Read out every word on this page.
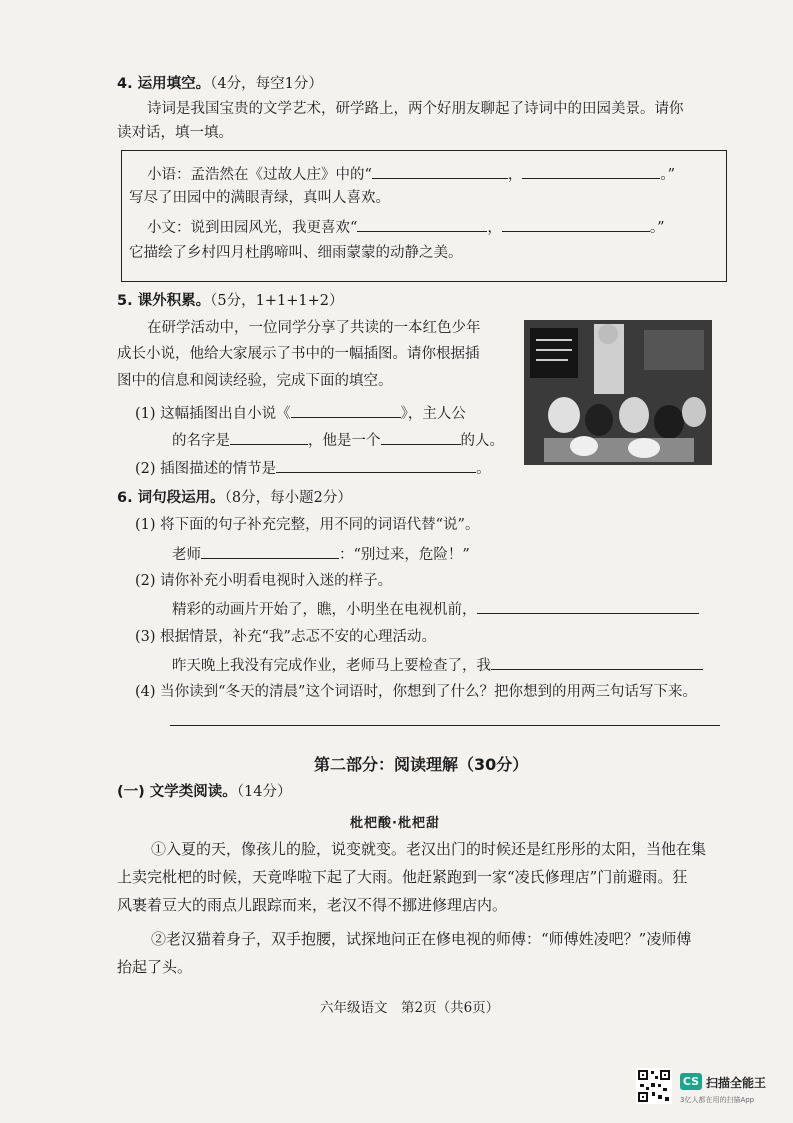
4. 运用填空。（4分，每空1分）
诗词是我国宝贵的文学艺术，研学路上，两个好朋友聊起了诗词中的田园美景。请你
读对话，填一填。
小语：孟浩然在《过故人庄》中的“	，	。”
写尽了田园中的满眼青绿，真叫人喜欢。
小文：说到田园风光，我更喜欢“	，	。”
它描绘了乡村四月杜鹃啼叫、细雨蒙蒙的动静之美。
5. 课外积累。（5分，1+1+1+2）
在研学活动中，一位同学分享了共读的一本红色少年
成长小说，他给大家展示了书中的一幅插图。请你根据插
图中的信息和阅读经验，完成下面的填空。
(1) 这幅插图出自小说《	》，主人公
的名字是	，他是一个	的人。
(2) 插图描述的情节是	。
6. 词句段运用。（8分，每小题2分）
(1) 将下面的句子补充完整，用不同的词语代替“说”。
老师	：“别过来，危险！”
(2) 请你补充小明看电视时入迷的样子。
精彩的动画片开始了，瞧，小明坐在电视机前，
(3) 根据情景，补充“我”忐忑不安的心理活动。
昨天晚上我没有完成作业，老师马上要检查了，我
(4) 当你读到“冬天的清晨”这个词语时，你想到了什么？把你想到的用两三句话写下来。
第二部分：阅读理解（30分）
(一) 文学类阅读。（14分）
枇杷酸·枇杷甜
①入夏的天，像孩儿的脸，说变就变。老汉出门的时候还是红彤彤的太阳，当他在集
上卖完枇杷的时候，天竟哗啦下起了大雨。他赶紧跑到一家“凌氏修理店”门前避雨。狂
风裹着豆大的雨点儿跟踪而来，老汉不得不挪进修理店内。
②老汉猫着身子，双手抱腰，试探地问正在修电视的师傅：“师傅姓凌吧？”凌师傅
抬起了头。
六年级语文　第2页（共6页）
CS 扫描全能王
3亿人都在用的扫描App
